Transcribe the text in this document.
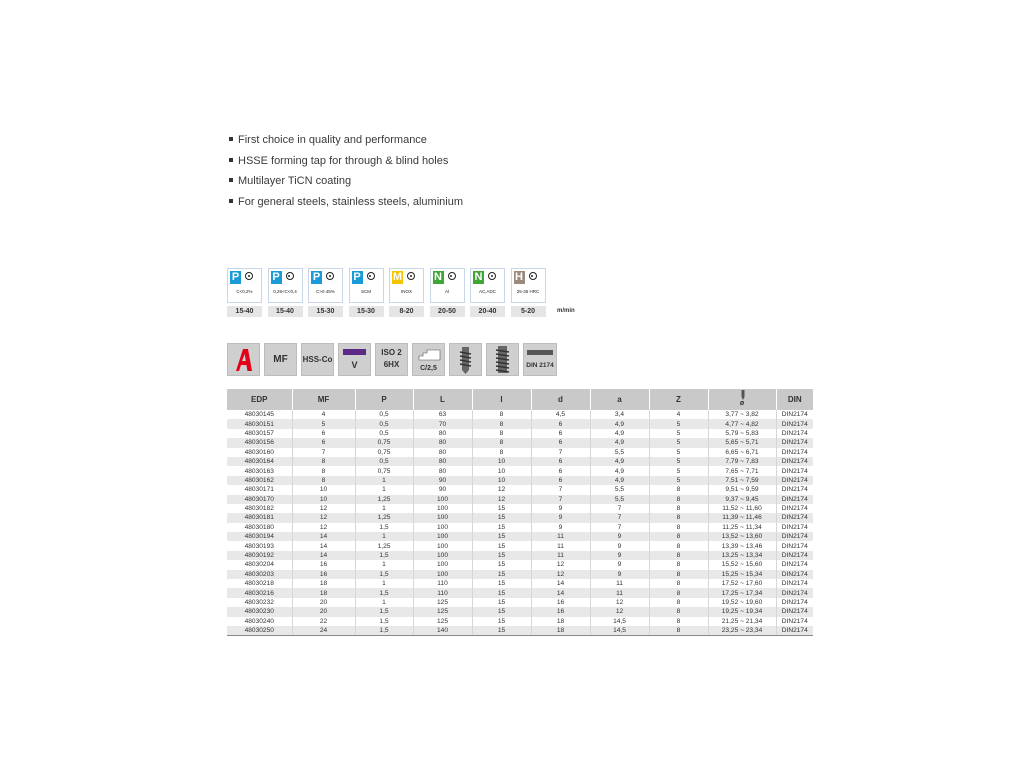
First choice in quality and performance
HSSE forming tap for through & blind holes
Multilayer TiCN coating
For general steels, stainless steels, aluminium
m/min
P
C<0,2%
15-40
P
0,25<C<0,4
15-40
P
C>0.45%
15-30
P
SCM
15-30
M
INOX
8-20
N
Al
20-50
N
AC,ADC
20-40
H
25-35 HRC
5-20
MF	HSS-Co
V
ISO 2
6HX	C/2,5	DIN 2174
EDP	MF	P	L	l	d	a	Z	ø	DIN
48030145	4	0,5	63	8	4,5	3,4	4	3,77 ~ 3,82	DIN2174
48030151	5	0,5	70	8	6	4,9	5	4,77 ~ 4,82	DIN2174
48030157	6	0,5	80	8	6	4,9	5	5,79 ~ 5,83	DIN2174
48030156	6	0,75	80	8	6	4,9	5	5,65 ~ 5,71	DIN2174
48030160	7	0,75	80	8	7	5,5	5	6,65 ~ 6,71	DIN2174
48030164	8	0,5	80	10	6	4,9	5	7,79 ~ 7,83	DIN2174
48030163	8	0,75	80	10	6	4,9	5	7,65 ~ 7,71	DIN2174
48030162	8	1	90	10	6	4,9	5	7,51 ~ 7,59	DIN2174
48030171	10	1	90	12	7	5,5	8	9,51 ~ 9,59	DIN2174
48030170	10	1,25	100	12	7	5,5	8	9,37 ~ 9,45	DIN2174
48030182	12	1	100	15	9	7	8	11,52 ~ 11,60	DIN2174
48030181	12	1,25	100	15	9	7	8	11,39 ~ 11,46	DIN2174
48030180	12	1,5	100	15	9	7	8	11,25 ~ 11,34	DIN2174
48030194	14	1	100	15	11	9	8	13,52 ~ 13,60	DIN2174
48030193	14	1,25	100	15	11	9	8	13,39 ~ 13,46	DIN2174
48030192	14	1,5	100	15	11	9	8	13,25 ~ 13,34	DIN2174
48030204	16	1	100	15	12	9	8	15,52 ~ 15,60	DIN2174
48030203	16	1,5	100	15	12	9	8	15,25 ~ 15,34	DIN2174
48030218	18	1	110	15	14	11	8	17,52 ~ 17,60	DIN2174
48030216	18	1,5	110	15	14	11	8	17,25 ~ 17,34	DIN2174
48030232	20	1	125	15	16	12	8	19,52 ~ 19,60	DIN2174
48030230	20	1,5	125	15	16	12	8	19,25 ~ 19,34	DIN2174
48030240	22	1,5	125	15	18	14,5	8	21,25 ~ 21,34	DIN2174
48030250	24	1,5	140	15	18	14,5	8	23,25 ~ 23,34	DIN2174
